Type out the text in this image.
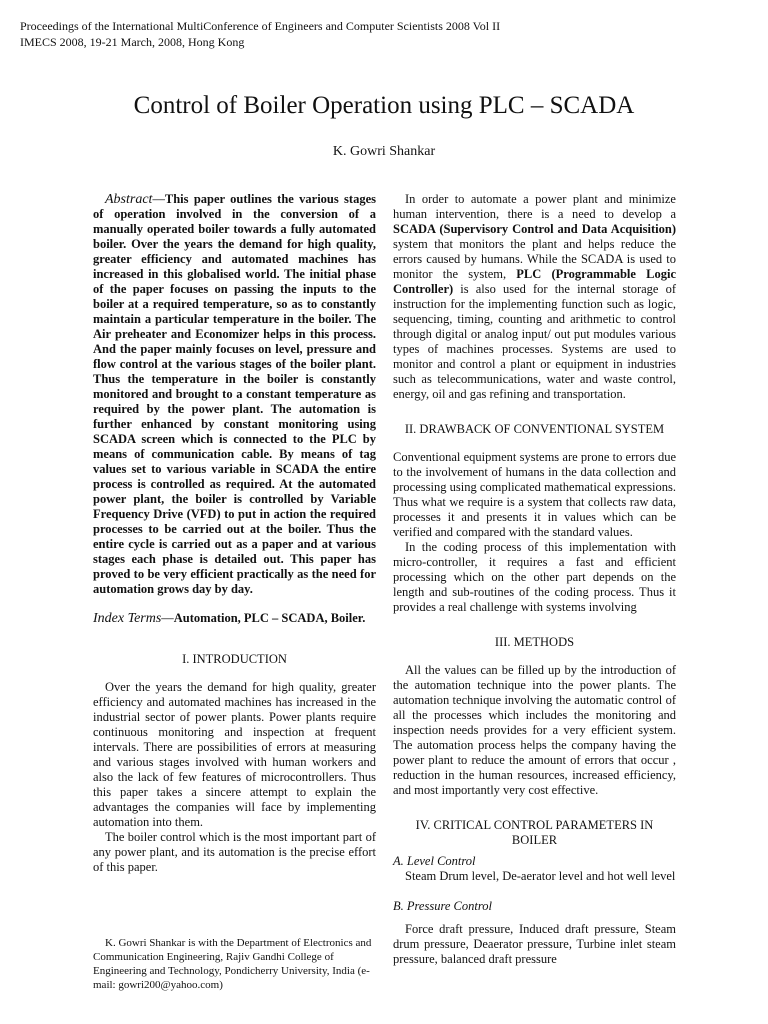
Proceedings of the International MultiConference of Engineers and Computer Scientists 2008 Vol II
IMECS 2008, 19-21 March, 2008, Hong Kong
Control of Boiler Operation using PLC – SCADA
K. Gowri Shankar

Abstract—This paper outlines the various stages of operation involved in the conversion of a manually operated boiler towards a fully automated boiler. Over the years the demand for high quality, greater efficiency and automated machines has increased in this globalised world. The initial phase of the paper focuses on passing the inputs to the boiler at a required temperature, so as to constantly maintain a particular temperature in the boiler. The Air preheater and Economizer helps in this process. And the paper mainly focuses on level, pressure and flow control at the various stages of the boiler plant. Thus the temperature in the boiler is constantly monitored and brought to a constant temperature as required by the power plant. The automation is further enhanced by constant monitoring using SCADA screen which is connected to the PLC by means of communication cable. By means of tag values set to various variable in SCADA the entire process is controlled as required. At the automated power plant, the boiler is controlled by Variable Frequency Drive (VFD) to put in action the required processes to be carried out at the boiler. Thus the entire cycle is carried out as a paper and at various stages each phase is detailed out. This paper has proved to be very efficient practically as the need for automation grows day by day.

Index Terms—Automation, PLC – SCADA, Boiler.

I. INTRODUCTION

Over the years the demand for high quality, greater efficiency and automated machines has increased in the industrial sector of power plants. Power plants require continuous monitoring and inspection at frequent intervals. There are possibilities of errors at measuring and various stages involved with human workers and also the lack of few features of microcontrollers. Thus this paper takes a sincere attempt to explain the advantages the companies will face by implementing automation into them.

The boiler control which is the most important part of any power plant, and its automation is the precise effort of this paper.

K. Gowri Shankar is with the Department of Electronics and Communication Engineering, Rajiv Gandhi College of Engineering and Technology, Pondicherry University, India (e-mail: gowri200@yahoo.com)

In order to automate a power plant and minimize human intervention, there is a need to develop a SCADA (Supervisory Control and Data Acquisition) system that monitors the plant and helps reduce the errors caused by humans. While the SCADA is used to monitor the system, PLC (Programmable Logic Controller) is also used for the internal storage of instruction for the implementing function such as logic, sequencing, timing, counting and arithmetic to control through digital or analog input/ out put modules various types of machines processes. Systems are used to monitor and control a plant or equipment in industries such as telecommunications, water and waste control, energy, oil and gas refining and transportation.

II. DRAWBACK OF CONVENTIONAL SYSTEM

Conventional equipment systems are prone to errors due to the involvement of humans in the data collection and processing using complicated mathematical expressions. Thus what we require is a system that collects raw data, processes it and presents it in values which can be verified and compared with the standard values.

In the coding process of this implementation with micro-controller, it requires a fast and efficient processing which on the other part depends on the length and sub-routines of the coding process. Thus it provides a real challenge with systems involving

III. METHODS

All the values can be filled up by the introduction of the automation technique into the power plants. The automation technique involving the automatic control of all the processes which includes the monitoring and inspection needs provides for a very efficient system. The automation process helps the company having the power plant to reduce the amount of errors that occur , reduction in the human resources, increased efficiency, and most importantly very cost effective.

IV. CRITICAL CONTROL PARAMETERS IN BOILER

A. Level Control

Steam Drum level, De-aerator level and hot well level

B. Pressure Control

Force draft pressure, Induced draft pressure, Steam drum pressure, Deaerator pressure, Turbine inlet steam pressure, balanced draft pressure
